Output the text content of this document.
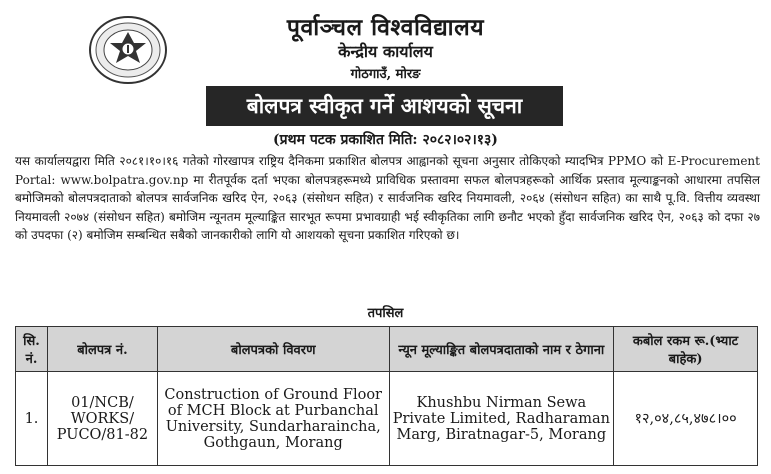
पूर्वाञ्चल विश्वविद्यालय
केन्द्रीय कार्यालय
गोठगाउँ, मोरङ
बोलपत्र स्वीकृत गर्ने आशयको सूचना
(प्रथम पटक प्रकाशित मिति: २०८२।०२।१३)

यस कार्यालयद्वारा मिति २०८१।१०।१६ गतेको गोरखापत्र राष्ट्रिय दैनिकमा प्रकाशित बोलपत्र आह्वानको सूचना अनुसार तोकिएको म्यादभित्र PPMO को E-Procurement Portal: www.bolpatra.gov.np मा रीतपूर्वक दर्ता भएका बोलपत्रहरूमध्ये प्राविधिक प्रस्तावमा सफल बोलपत्रहरूको आर्थिक प्रस्ताव मूल्याङ्कनको आधारमा तपसिल बमोजिमको बोलपत्रदाताको बोलपत्र सार्वजनिक खरिद ऐन, २०६३ (संसोधन सहित) र सार्वजनिक खरिद नियमावली, २०६४ (संसोधन सहित) का साथै पू.वि. वित्तीय व्यवस्था नियमावली २०७४ (संसोधन सहित) बमोजिम न्यूनतम मूल्याङ्कित सारभूत रूपमा प्रभावग्राही भई स्वीकृतिका लागि छनौट भएको हुँदा सार्वजनिक खरिद ऐन, २०६३ को दफा २७ को उपदफा (२) बमोजिम सम्बन्धित सबैको जानकारीको लागि यो आशयको सूचना प्रकाशित गरिएको छ।

तपसिल
सि. नं.	बोलपत्र नं.	बोलपत्रको विवरण	न्यून मूल्याङ्कित बोलपत्रदाताको नाम र ठेगाना	कबोल रकम रू.(भ्याट बाहेक)
1.	01/NCB/ WORKS/ PUCO/81-82	Construction of Ground Floor of MCH Block at Purbanchal University, Sundarharaincha, Gothgaun, Morang	Khushbu Nirman Sewa Private Limited, Radharaman Marg, Biratnagar-5, Morang	१२,०४,८५,४७८।००
